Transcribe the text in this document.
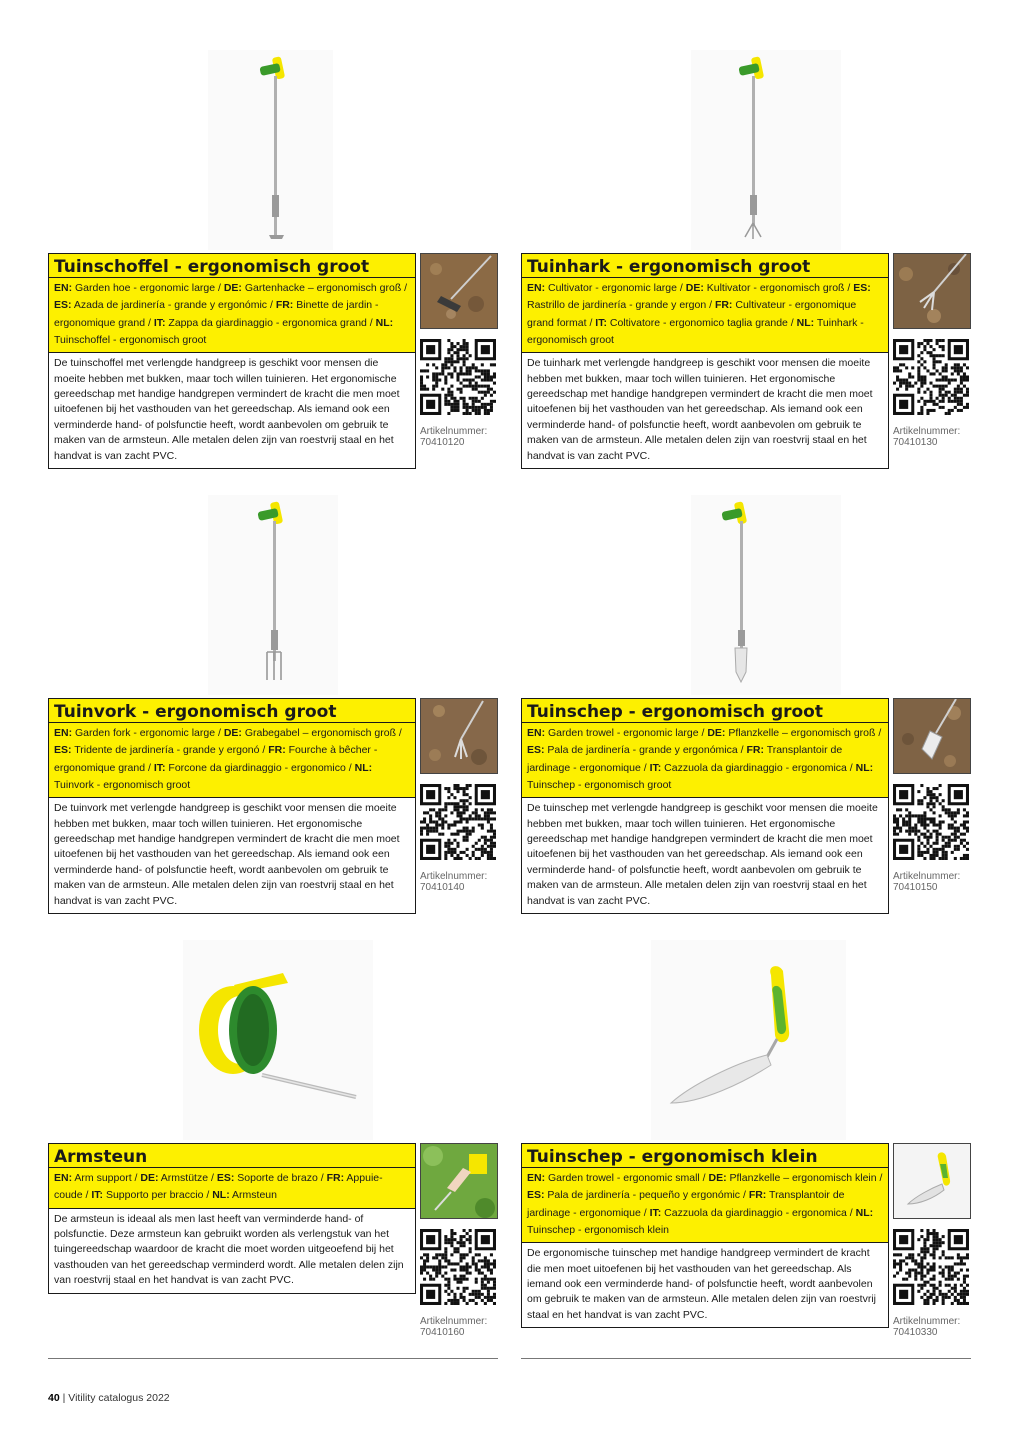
Tuinschoffel - ergonomisch groot
EN: Garden hoe - ergonomic large / DE: Gartenhacke – ergonomisch groß / ES: Azada de jardinería - grande y ergonómic / FR: Binette de jardin - ergonomique grand / IT: Zappa da giardinaggio - ergonomica grand / NL: Tuinschoffel - ergonomisch groot
De tuinschoffel met verlengde handgreep is geschikt voor mensen die moeite hebben met bukken, maar toch willen tuinieren. Het ergonomische gereedschap met handige handgrepen vermindert de kracht die men moet uitoefenen bij het vasthouden van het gereedschap. Als iemand ook een verminderde hand- of polsfunctie heeft, wordt aanbevolen om gebruik te maken van de armsteun. Alle metalen delen zijn van roestvrij staal en het handvat is van zacht PVC.
Artikelnummer:
70410120
Tuinhark - ergonomisch groot
EN: Cultivator - ergonomic large / DE: Kultivator - ergonomisch groß / ES: Rastrillo de jardinería - grande y ergon / FR: Cultivateur - ergonomique grand format / IT: Coltivatore - ergonomico taglia grande / NL: Tuinhark - ergonomisch groot
De tuinhark met verlengde handgreep is geschikt voor mensen die moeite hebben met bukken, maar toch willen tuinieren. Het ergonomische gereedschap met handige handgrepen vermindert de kracht die men moet uitoefenen bij het vasthouden van het gereedschap. Als iemand ook een verminderde hand- of polsfunctie heeft, wordt aanbevolen om gebruik te maken van de armsteun. Alle metalen delen zijn van roestvrij staal en het handvat is van zacht PVC.
Artikelnummer:
70410130
Tuinvork - ergonomisch groot
EN: Garden fork - ergonomic large / DE: Grabegabel – ergonomisch groß / ES: Tridente de jardinería - grande y ergonó / FR: Fourche à bêcher - ergonomique grand / IT: Forcone da giardinaggio - ergonomico / NL: Tuinvork - ergonomisch groot
De tuinvork met verlengde handgreep is geschikt voor mensen die moeite hebben met bukken, maar toch willen tuinieren. Het ergonomische gereedschap met handige handgrepen vermindert de kracht die men moet uitoefenen bij het vasthouden van het gereedschap. Als iemand ook een verminderde hand- of polsfunctie heeft, wordt aanbevolen om gebruik te maken van de armsteun. Alle metalen delen zijn van roestvrij staal en het handvat is van zacht PVC.
Artikelnummer:
70410140
Tuinschep - ergonomisch groot
EN: Garden trowel - ergonomic large / DE: Pflanzkelle – ergonomisch groß / ES: Pala de jardinería - grande y ergonómica / FR: Transplantoir de jardinage - ergonomique / IT: Cazzuola da giardinaggio - ergonomica / NL: Tuinschep - ergonomisch groot
De tuinschep met verlengde handgreep is geschikt voor mensen die moeite hebben met bukken, maar toch willen tuinieren. Het ergonomische gereedschap met handige handgrepen vermindert de kracht die men moet uitoefenen bij het vasthouden van het gereedschap. Als iemand ook een verminderde hand- of polsfunctie heeft, wordt aanbevolen om gebruik te maken van de armsteun. Alle metalen delen zijn van roestvrij staal en het handvat is van zacht PVC.
Artikelnummer:
70410150
Armsteun
EN: Arm support / DE: Armstütze / ES: Soporte de brazo / FR: Appuie-coude / IT: Supporto per braccio / NL: Armsteun
De armsteun is ideaal als men last heeft van verminderde hand- of polsfunctie. Deze armsteun kan gebruikt worden als verlengstuk van het tuingereedschap waardoor de kracht die moet worden uitgeoefend bij het vasthouden van het gereedschap verminderd wordt. Alle metalen delen zijn van roestvrij staal en het handvat is van zacht PVC.
Artikelnummer:
70410160
Tuinschep - ergonomisch klein
EN: Garden trowel - ergonomic small / DE: Pflanzkelle – ergonomisch klein / ES: Pala de jardinería - pequeño y ergonómic / FR: Transplantoir de jardinage - ergonomique / IT: Cazzuola da giardinaggio - ergonomica / NL: Tuinschep - ergonomisch klein
De ergonomische tuinschep met handige handgreep vermindert de kracht die men moet uitoefenen bij het vasthouden van het gereedschap. Als iemand ook een verminderde hand- of polsfunctie heeft, wordt aanbevolen om gebruik te maken van de armsteun. Alle metalen delen zijn van roestvrij staal en het handvat is van zacht PVC.
Artikelnummer:
70410330
40 | Vitility catalogus 2022
